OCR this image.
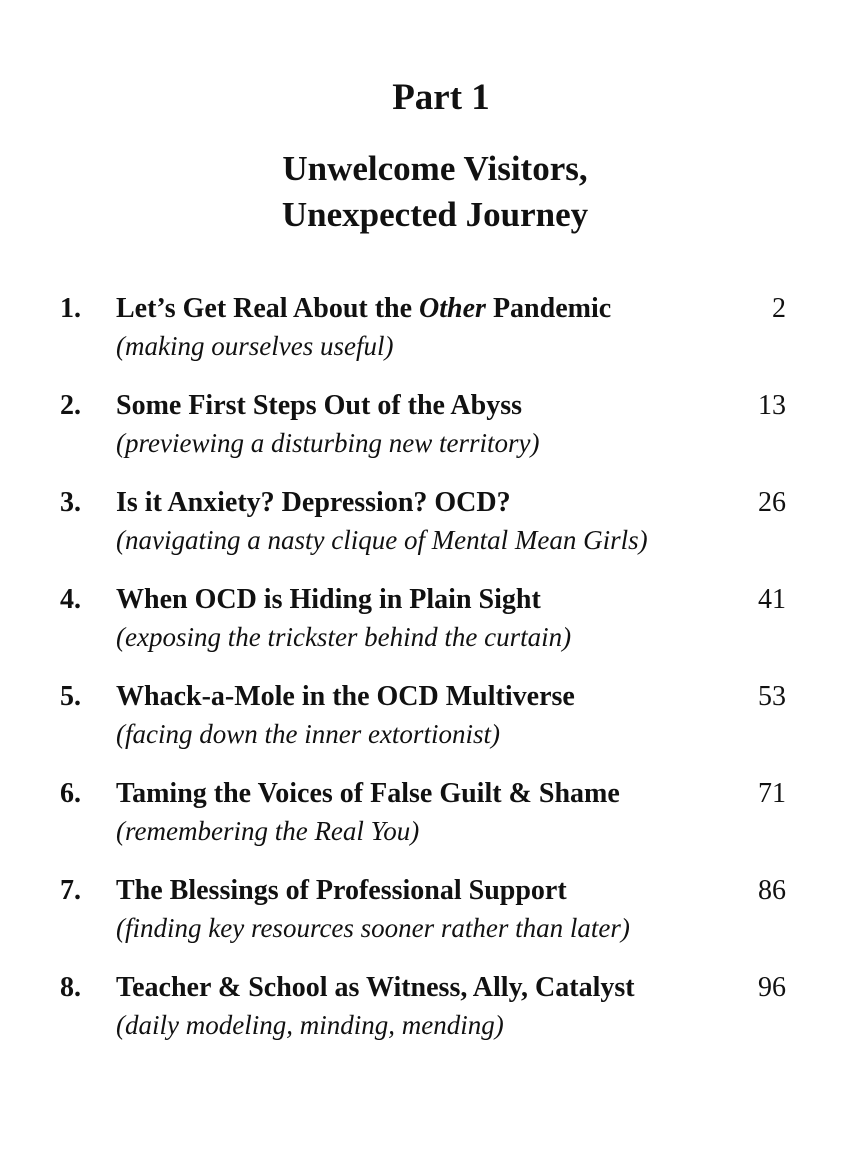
Part 1
Unwelcome Visitors,
Unexpected Journey
1. Let’s Get Real About the Other Pandemic
(making ourselves useful)
2
2. Some First Steps Out of the Abyss
(previewing a disturbing new territory)
13
3. Is it Anxiety? Depression? OCD?
(navigating a nasty clique of Mental Mean Girls)
26
4. When OCD is Hiding in Plain Sight
(exposing the trickster behind the curtain)
41
5. Whack-a-Mole in the OCD Multiverse
(facing down the inner extortionist)
53
6. Taming the Voices of False Guilt & Shame
(remembering the Real You)
71
7. The Blessings of Professional Support
(finding key resources sooner rather than later)
86
8. Teacher & School as Witness, Ally, Catalyst
(daily modeling, minding, mending)
96
